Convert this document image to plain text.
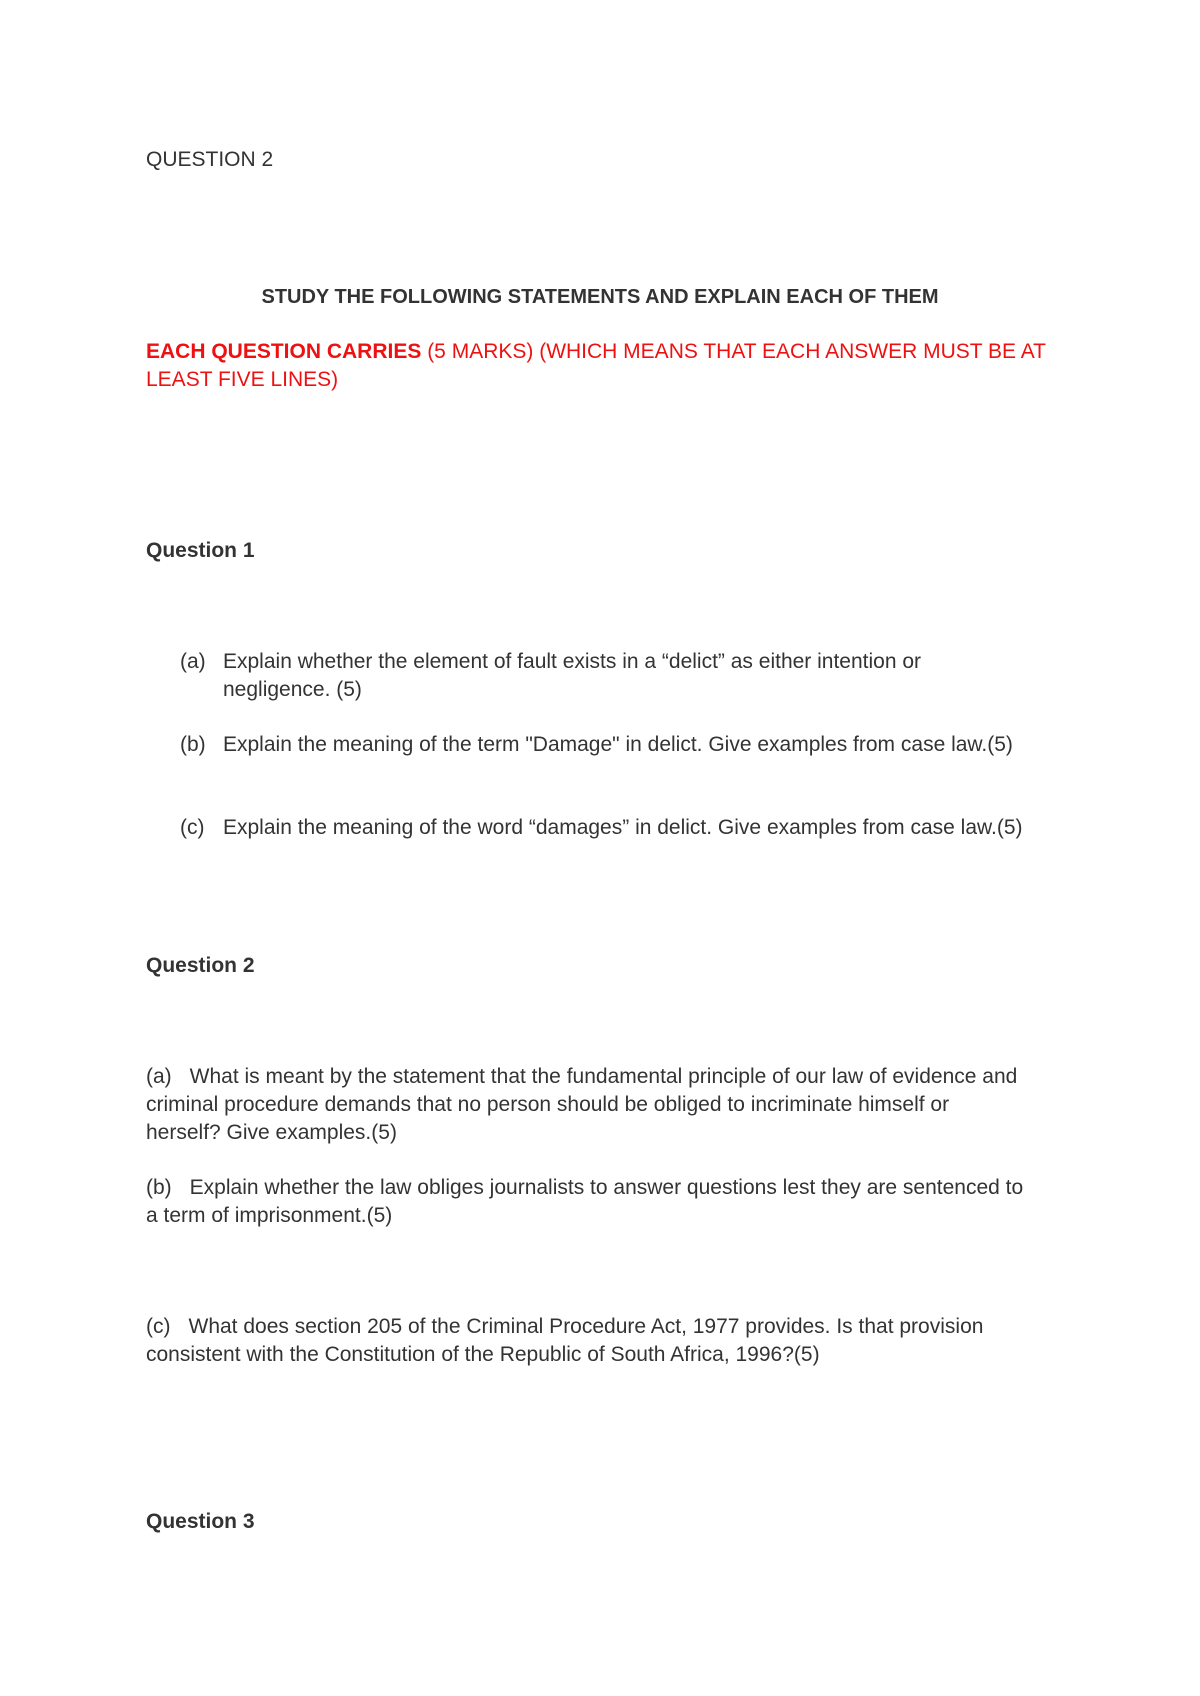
QUESTION 2
STUDY THE FOLLOWING STATEMENTS AND EXPLAIN EACH OF THEM
EACH QUESTION CARRIES (5 MARKS) (WHICH MEANS THAT EACH ANSWER MUST BE AT LEAST FIVE LINES)
Question 1
(a) Explain whether the element of fault exists in a “delict” as either intention or negligence. (5)
(b) Explain the meaning of the term "Damage" in delict. Give examples from case law.(5)
(c) Explain the meaning of the word “damages” in delict. Give examples from case law.(5)
Question 2
(a) What is meant by the statement that the fundamental principle of our law of evidence and criminal procedure demands that no person should be obliged to incriminate himself or herself? Give examples.(5)
(b) Explain whether the law obliges journalists to answer questions lest they are sentenced to a term of imprisonment.(5)
(c) What does section 205 of the Criminal Procedure Act, 1977 provides. Is that provision consistent with the Constitution of the Republic of South Africa, 1996?(5)
Question 3
